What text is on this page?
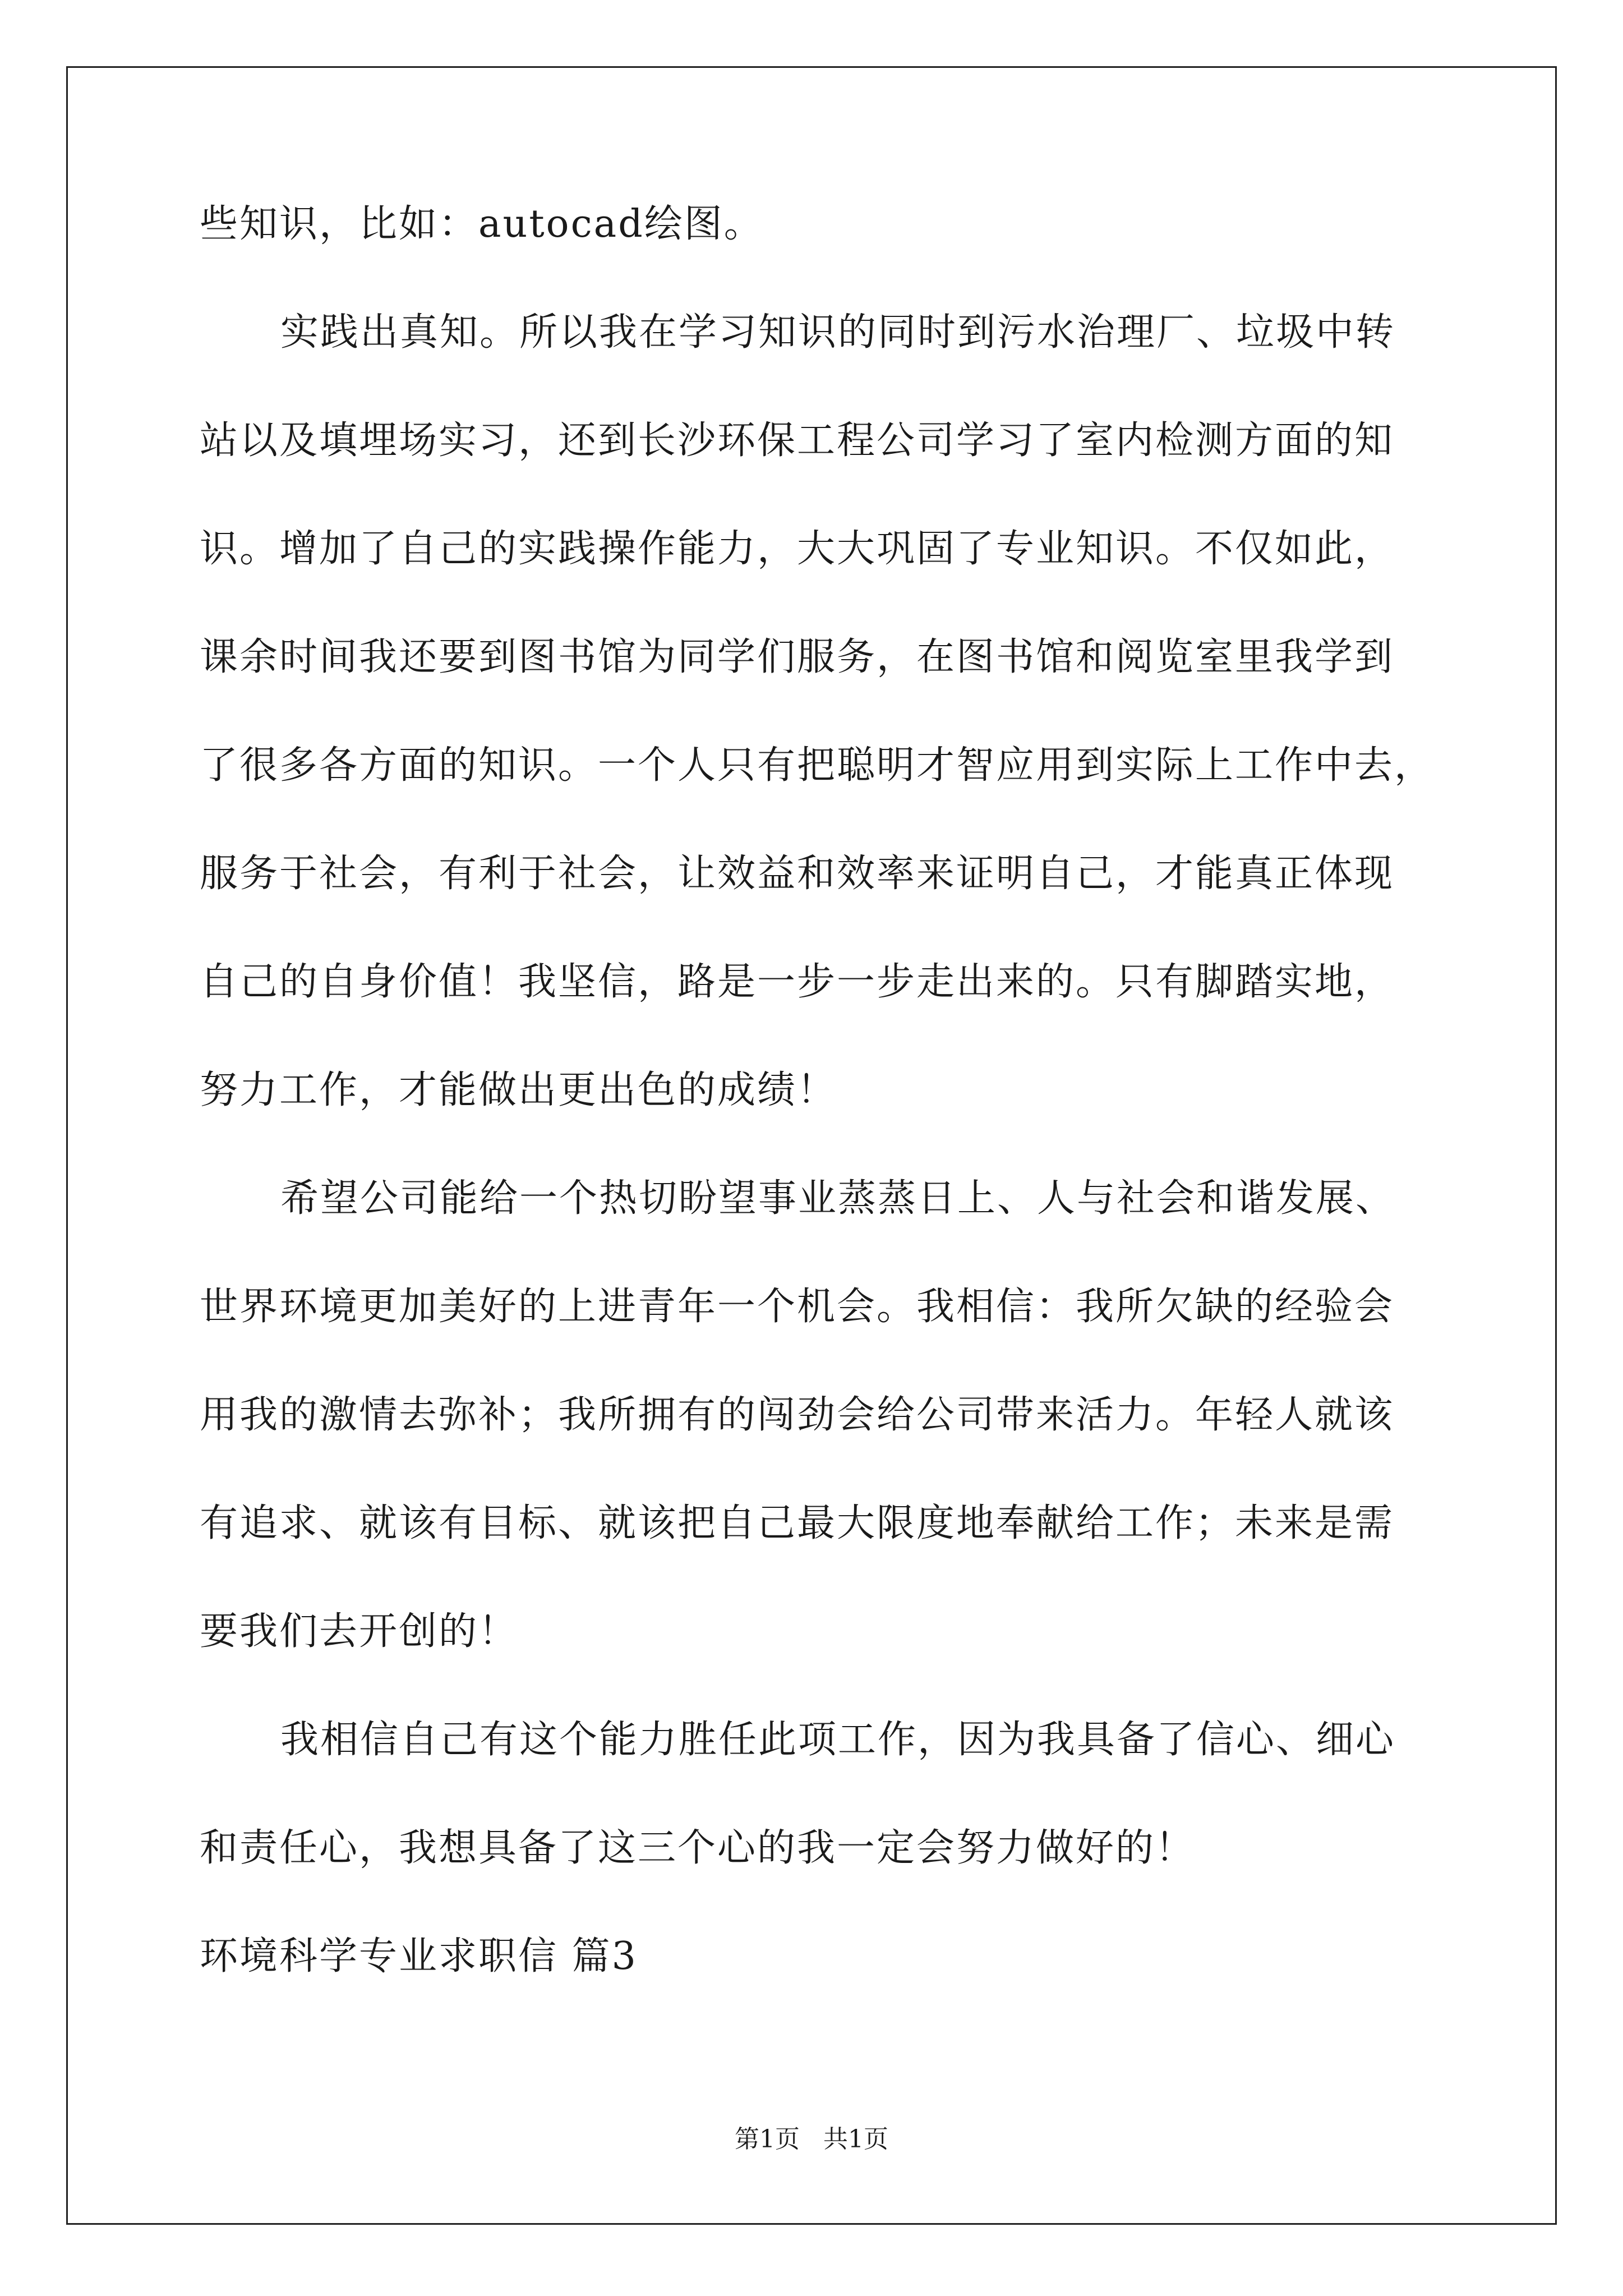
些知识，比如：autocad绘图。
实践出真知。所以我在学习知识的同时到污水治理厂、垃圾中转
站以及填埋场实习，还到长沙环保工程公司学习了室内检测方面的知
识。增加了自己的实践操作能力，大大巩固了专业知识。不仅如此，
课余时间我还要到图书馆为同学们服务，在图书馆和阅览室里我学到
了很多各方面的知识。一个人只有把聪明才智应用到实际上工作中去，
服务于社会，有利于社会，让效益和效率来证明自己，才能真正体现
自己的自身价值！我坚信，路是一步一步走出来的。只有脚踏实地，
努力工作，才能做出更出色的成绩！
希望公司能给一个热切盼望事业蒸蒸日上、人与社会和谐发展、
世界环境更加美好的上进青年一个机会。我相信：我所欠缺的经验会
用我的激情去弥补；我所拥有的闯劲会给公司带来活力。年轻人就该
有追求、就该有目标、就该把自己最大限度地奉献给工作；未来是需
要我们去开创的！
我相信自己有这个能力胜任此项工作，因为我具备了信心、细心
和责任心，我想具备了这三个心的我一定会努力做好的！
环境科学专业求职信 篇3
第1页   共1页
